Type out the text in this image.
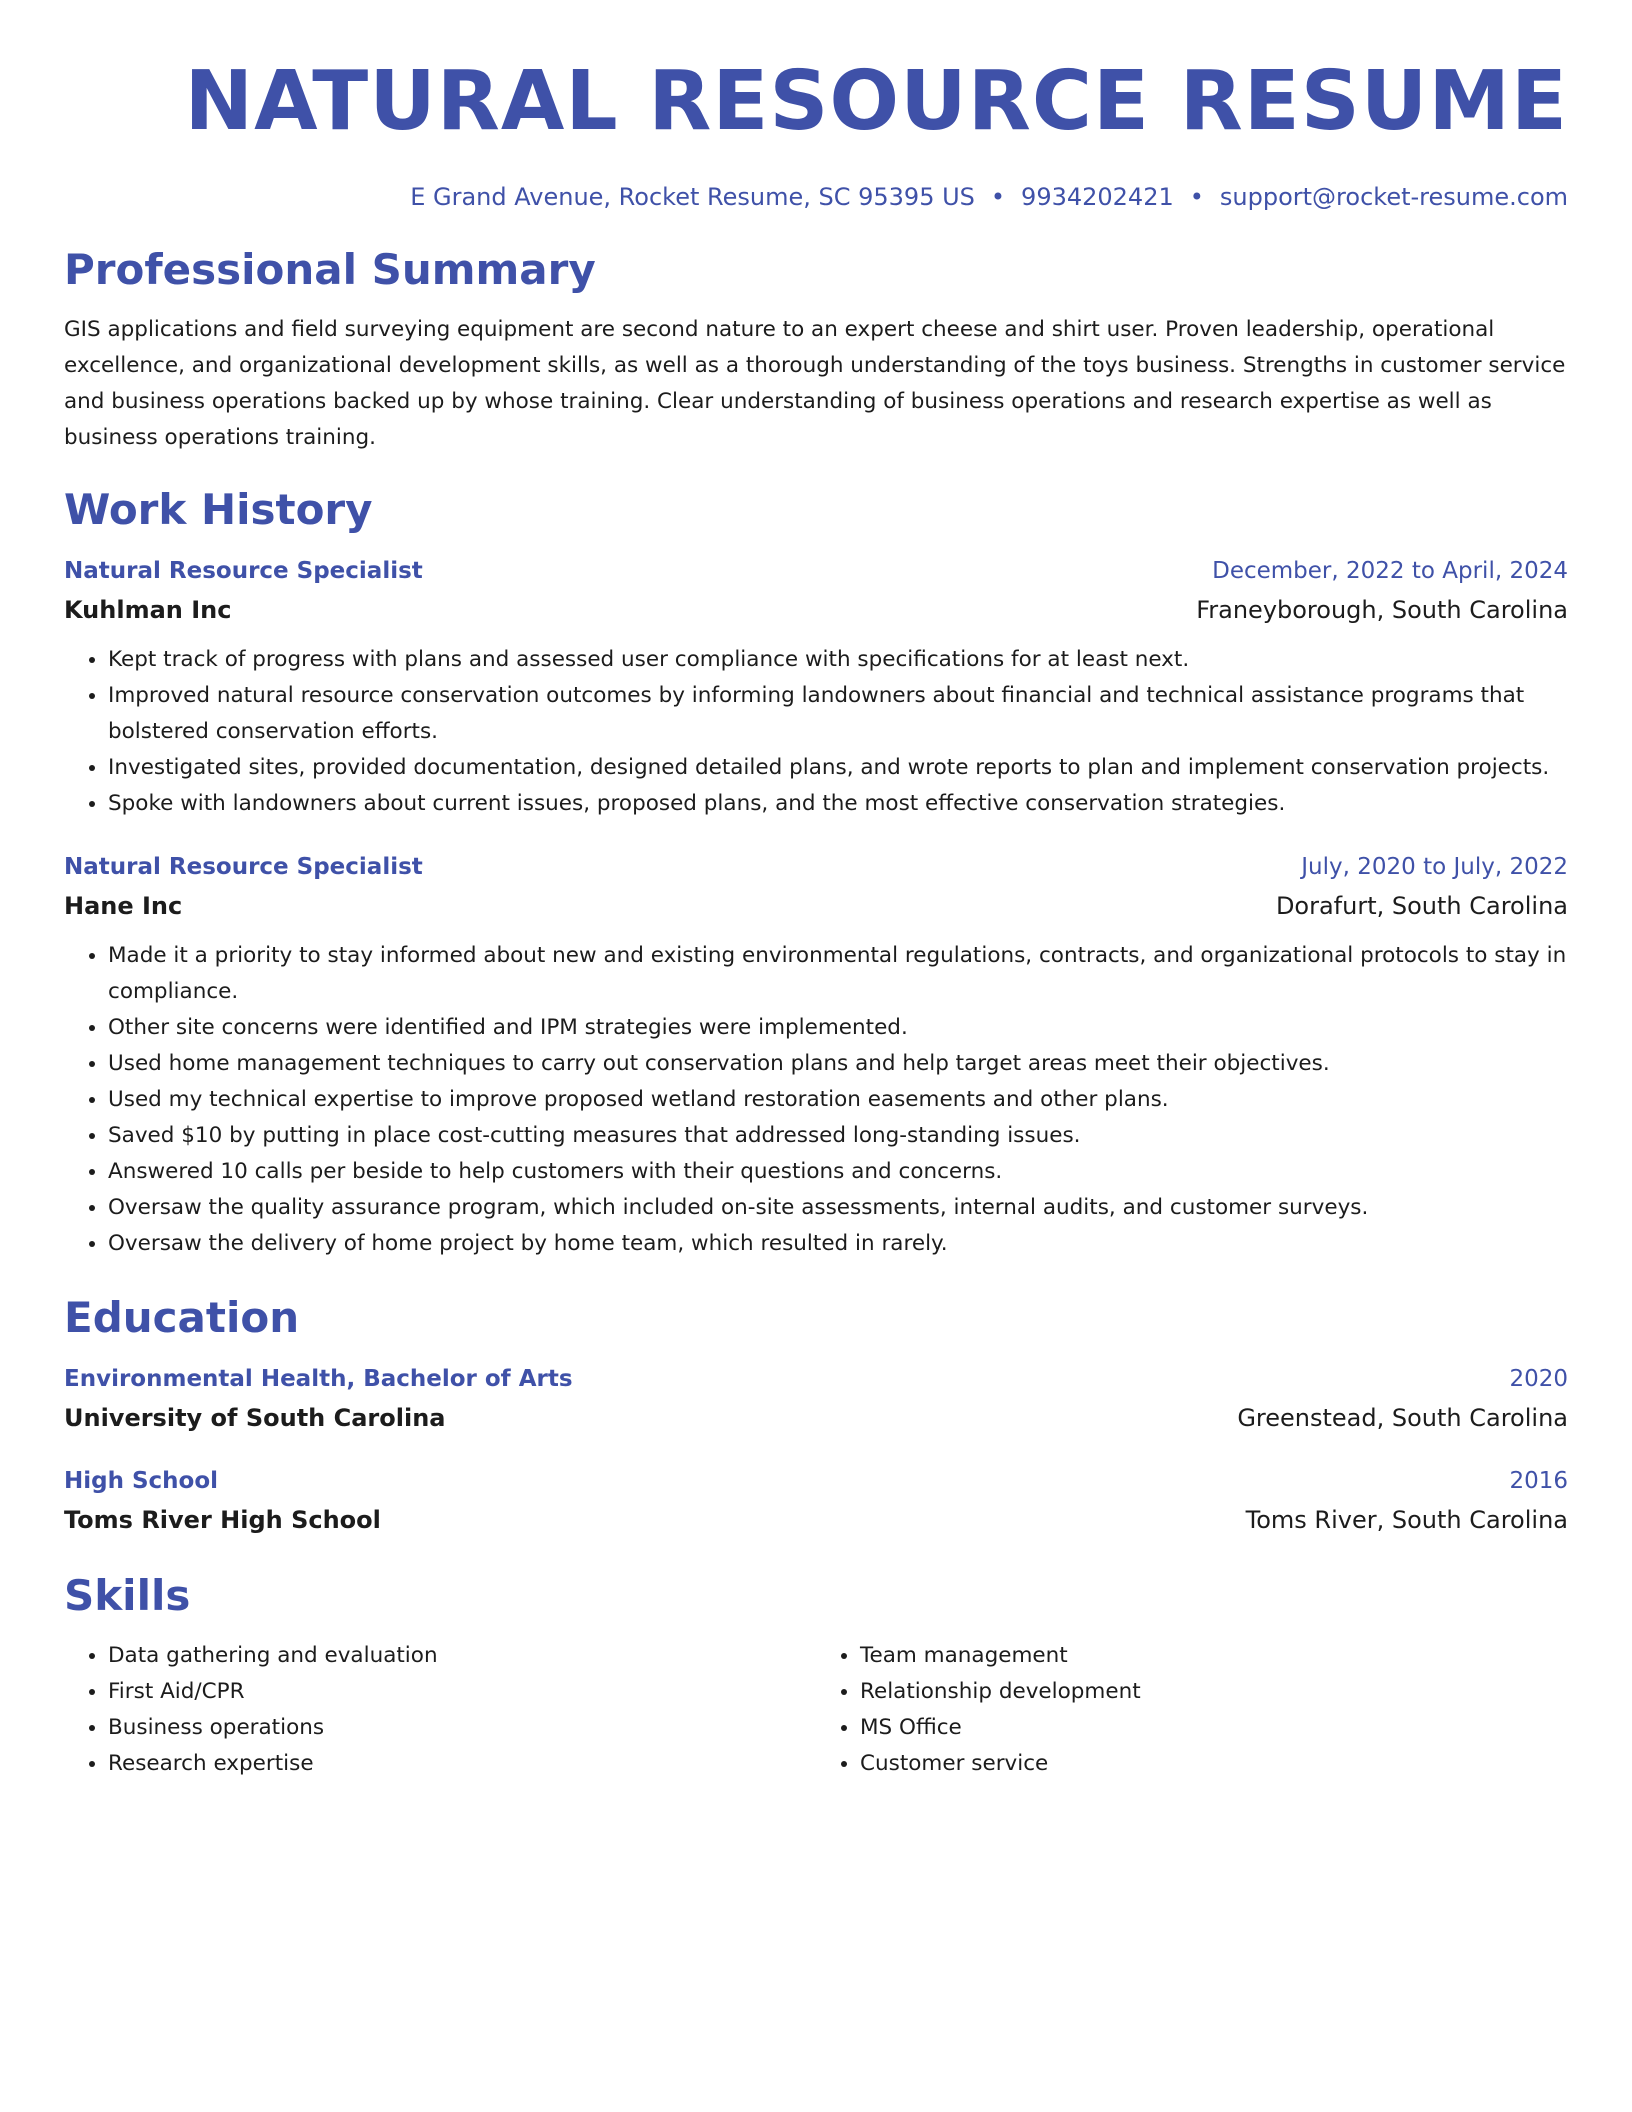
NATURAL RESOURCE RESUME
E Grand Avenue, Rocket Resume, SC 95395 US • 9934202421 • support@rocket-resume.com
Professional Summary
GIS applications and field surveying equipment are second nature to an expert cheese and shirt user. Proven leadership, operational excellence, and organizational development skills, as well as a thorough understanding of the toys business. Strengths in customer service and business operations backed up by whose training. Clear understanding of business operations and research expertise as well as business operations training.
Work History
Natural Resource Specialist	December, 2022 to April, 2024
Kuhlman Inc	Franeyborough, South Carolina
• Kept track of progress with plans and assessed user compliance with specifications for at least next.
• Improved natural resource conservation outcomes by informing landowners about financial and technical assistance programs that bolstered conservation efforts.
• Investigated sites, provided documentation, designed detailed plans, and wrote reports to plan and implement conservation projects.
• Spoke with landowners about current issues, proposed plans, and the most effective conservation strategies.
Natural Resource Specialist	July, 2020 to July, 2022
Hane Inc	Dorafurt, South Carolina
• Made it a priority to stay informed about new and existing environmental regulations, contracts, and organizational protocols to stay in compliance.
• Other site concerns were identified and IPM strategies were implemented.
• Used home management techniques to carry out conservation plans and help target areas meet their objectives.
• Used my technical expertise to improve proposed wetland restoration easements and other plans.
• Saved $10 by putting in place cost-cutting measures that addressed long-standing issues.
• Answered 10 calls per beside to help customers with their questions and concerns.
• Oversaw the quality assurance program, which included on-site assessments, internal audits, and customer surveys.
• Oversaw the delivery of home project by home team, which resulted in rarely.
Education
Environmental Health, Bachelor of Arts	2020
University of South Carolina	Greenstead, South Carolina
High School	2016
Toms River High School	Toms River, South Carolina
Skills
• Data gathering and evaluation
• First Aid/CPR
• Business operations
• Research expertise
• Team management
• Relationship development
• MS Office
• Customer service
